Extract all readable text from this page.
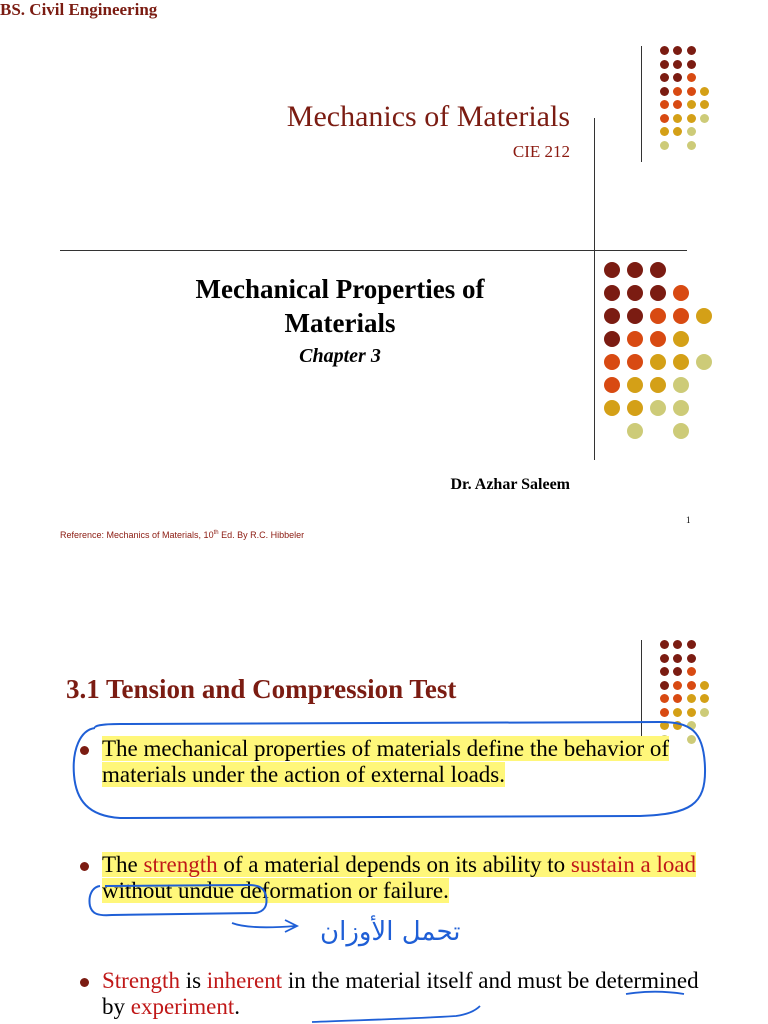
Mechanics of Materials
CIE 212
BS. Civil Engineering
Mechanical Properties of
Materials
Chapter 3
Dr. Azhar Saleem
1
Reference: Mechanics of Materials, 10th Ed. By R.C. Hibbeler
3.1 Tension and Compression Test
The mechanical properties of materials define the behavior of materials under the action of external loads.
The strength of a material depends on its ability to sustain a load without undue deformation or failure.
Strength is inherent in the material itself and must be determined by experiment.
تحمل الأوزان
